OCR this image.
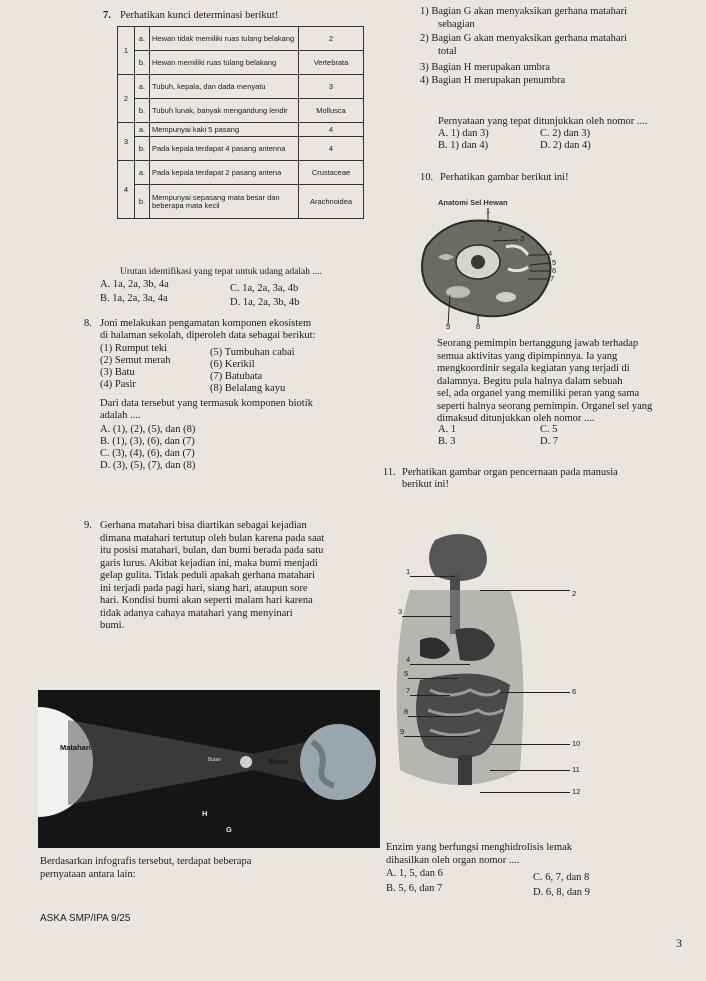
7. Perhatikan kunci determinasi berikut!
1	a.	Hewan tidak memiliki ruas tulang belakang	2
	b.	Hewan memiliki ruas tulang belakang	Vertebrata
2	a.	Tubuh, kepala, dan dada menyatu	3
	b.	Tubuh lunak, banyak mengandung lendir	Mollusca
3	a.	Mempunyai kaki 5 pasang	4
	b.	Pada kepala terdapat 4 pasang antenna	4
4	a.	Pada kepala terdapat 2 pasang antena	Crustaceae
	b.	Mempunyai sepasang mata besar dan beberapa mata kecil	Arachnoidea
Urutan identifikasi yang tepat untuk udang adalah ....
A. 1a, 2a, 3b, 4a	C. 1a, 2a, 3a, 4b
B. 1a, 2a, 3a, 4a	D. 1a, 2a, 3b, 4b
1) Bagian G akan menyaksikan gerhana matahari
sebagian
2) Bagian G akan menyaksikan gerhana matahari
total
3) Bagian H merupakan umbra
4) Bagian H merupakan penumbra
Pernyataan yang tepat ditunjukkan oleh nomor ....
A. 1) dan 3)	C. 2) dan 3)
B. 1) dan 4)	D. 2) dan 4)
10. Perhatikan gambar berikut ini!
Anatomi Sel Hewan
1
3
2
4
5
6
7
8
9
Seorang pemimpin bertanggung jawab terhadap
semua aktivitas yang dipimpinnya. Ia yang
mengkoordinir segala kegiatan yang terjadi di
dalamnya. Begitu pula halnya dalam sebuah
sel, ada organel yang memiliki peran yang sama
seperti halnya seorang pemimpin. Organel sel yang
dimaksud ditunjukkan oleh nomor ....
A. 1	C. 5
B. 3	D. 7
8. Joni melakukan pengamatan komponen ekosistem
di halaman sekolah, diperoleh data sebagai berikut:
(1) Rumput teki
(2) Semut merah
(3) Batu
(4) Pasir
(5) Tumbuhan cabai
(6) Kerikil
(7) Batubata
(8) Belalang kayu
Dari data tersebut yang termasuk komponen biotik
adalah ....
A. (1), (2), (5), dan (8)
B. (1), (3), (6), dan (7)
C. (3), (4), (6), dan (7)
D. (3), (5), (7), dan (8)
11. Perhatikan gambar organ pencernaan pada manusia
berikut ini!
9. Gerhana matahari bisa diartikan sebagai kejadian
dimana matahari tertutup oleh bulan karena pada saat
itu posisi matahari, bulan, dan bumi berada pada satu
garis lurus. Akibat kejadian ini, maka bumi menjadi
gelap gulita. Tidak peduli apakah gerhana matahari
ini terjadi pada pagi hari, siang hari, ataupun sore
hari. Kondisi bumi akan seperti malam hari karena
tidak adanya cahaya matahari yang menyinari
bumi.
Matahari
Bulan	Bumi
H
G
Berdasarkan infografis tersebut, terdapat beberapa
pernyataan antara lain:
1
2
3
4
5
6
7
8
9
10
11
12
Enzim yang berfungsi menghidrolisis lemak
dihasilkan oleh organ nomor ....
A. 1, 5, dan 6	C. 6, 7, dan 8
B. 5, 6, dan 7	D. 6, 8, dan 9
ASKA SMP/IPA 9/25
3
